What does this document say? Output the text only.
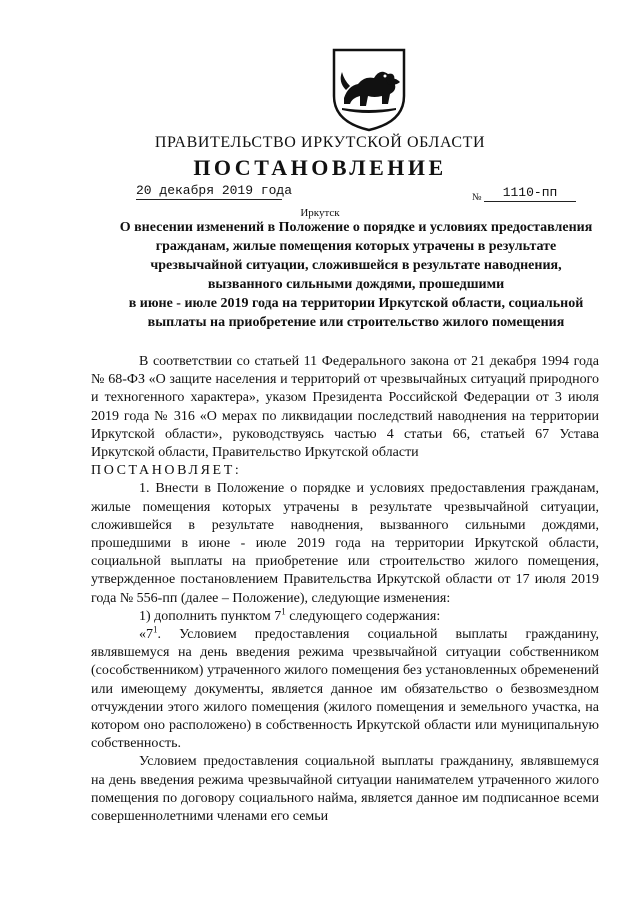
ПРАВИТЕЛЬСТВО ИРКУТСКОЙ ОБЛАСТИ
ПОСТАНОВЛЕНИЕ
20 декабря 2019 года	№	1110-пп
Иркутск
О внесении изменений в Положение о порядке и условиях предоставления
гражданам, жилые помещения которых утрачены в результате
чрезвычайной ситуации, сложившейся в результате наводнения,
вызванного сильными дождями, прошедшими
в июне - июле 2019 года на территории Иркутской области, социальной
выплаты на приобретение или строительство жилого помещения

В соответствии со статьей 11 Федерального закона от 21 декабря 1994 года № 68-ФЗ «О защите населения и территорий от чрезвычайных ситуаций природного и техногенного характера», указом Президента Российской Федерации от 3 июля 2019 года № 316 «О мерах по ликвидации последствий наводнения на территории Иркутской области», руководствуясь частью 4 статьи 66, статьей 67 Устава Иркутской области, Правительство Иркутской области

ПОСТАНОВЛЯЕТ:

1. Внести в Положение о порядке и условиях предоставления гражданам, жилые помещения которых утрачены в результате чрезвычайной ситуации, сложившейся в результате наводнения, вызванного сильными дождями, прошедшими в июне - июле 2019 года на территории Иркутской области, социальной выплаты на приобретение или строительство жилого помещения, утвержденное постановлением Правительства Иркутской области от 17 июля 2019 года № 556-пп (далее – Положение), следующие изменения:

1) дополнить пунктом $7^1$ следующего содержания:

«$7^1$. Условием предоставления социальной выплаты гражданину, являвшемуся на день введения режима чрезвычайной ситуации собственником (сособственником) утраченного жилого помещения без установленных обременений или имеющему документы, является данное им обязательство о безвозмездном отчуждении этого жилого помещения (жилого помещения и земельного участка, на котором оно расположено) в собственность Иркутской области или муниципальную собственность.

Условием предоставления социальной выплаты гражданину, являвшемуся на день введения режима чрезвычайной ситуации нанимателем утраченного жилого помещения по договору социального найма, является данное им подписанное всеми совершеннолетними членами его семьи
